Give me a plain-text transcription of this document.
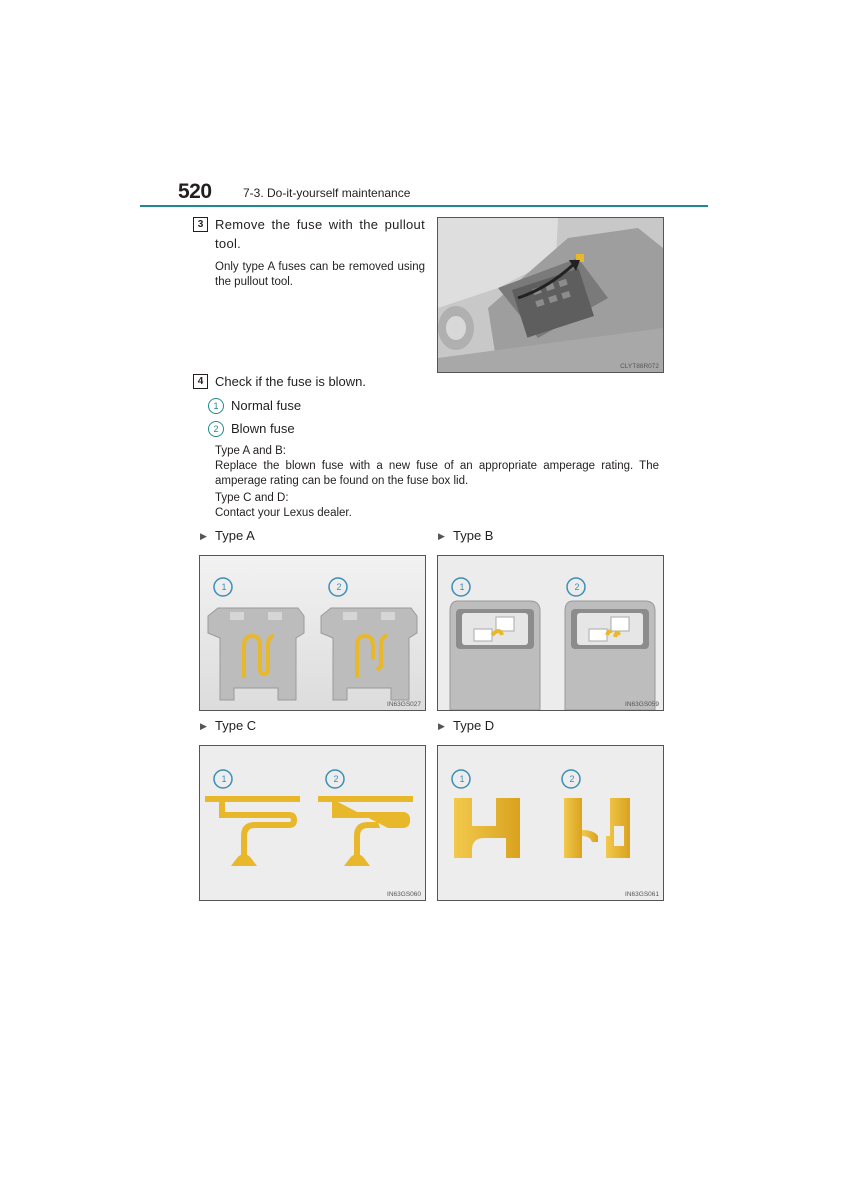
520	7-3. Do-it-yourself maintenance
3 Remove the fuse with the pullout tool.
Only type A fuses can be removed using the pullout tool.
CLYT88R072
4 Check if the fuse is blown.
1 Normal fuse
2 Blown fuse
Type A and B:
Replace the blown fuse with a new fuse of an appropriate amperage rating. The amperage rating can be found on the fuse box lid.
Type C and D:
Contact your Lexus dealer.
▶ Type A	▶ Type B
1	2
IN63GS027
1	2
IN63GS059
▶ Type C	▶ Type D
1	2
IN63GS060
1	2
IN63GS061
